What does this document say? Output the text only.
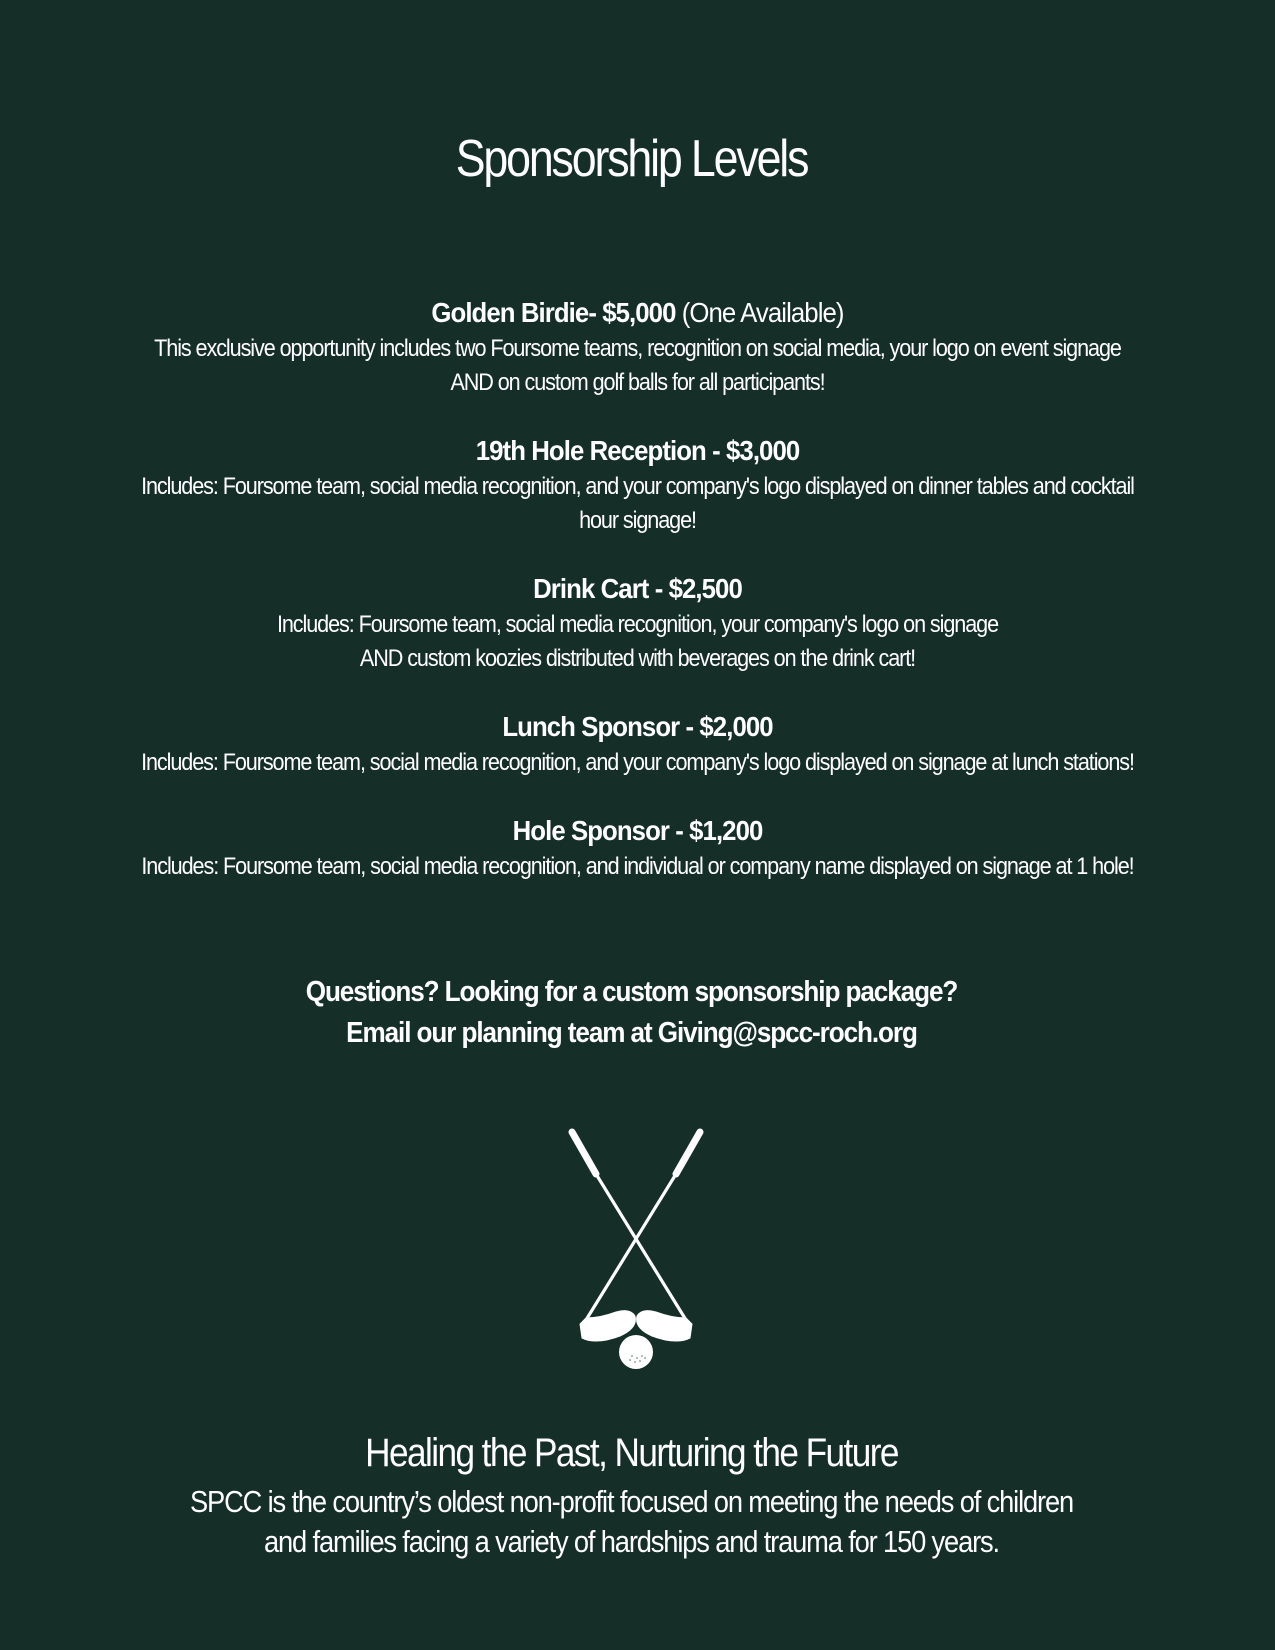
Sponsorship Levels
Golden Birdie- $5,000 (One Available)
This exclusive opportunity includes two Foursome teams, recognition on social media, your logo on event signage
AND on custom golf balls for all participants!
19th Hole Reception - $3,000
Includes: Foursome team, social media recognition, and your company's logo displayed on dinner tables and cocktail
hour signage!
Drink Cart - $2,500
Includes: Foursome team, social media recognition, your company's logo on signage
AND custom koozies distributed with beverages on the drink cart!
Lunch Sponsor - $2,000
Includes: Foursome team, social media recognition, and your company's logo displayed on signage at lunch stations!
Hole Sponsor - $1,200
Includes: Foursome team, social media recognition, and individual or company name displayed on signage at 1 hole!
Questions? Looking for a custom sponsorship package?
Email our planning team at Giving@spcc-roch.org
Healing the Past, Nurturing the Future
SPCC is the country’s oldest non-profit focused on meeting the needs of children
and families facing a variety of hardships and trauma for 150 years.
